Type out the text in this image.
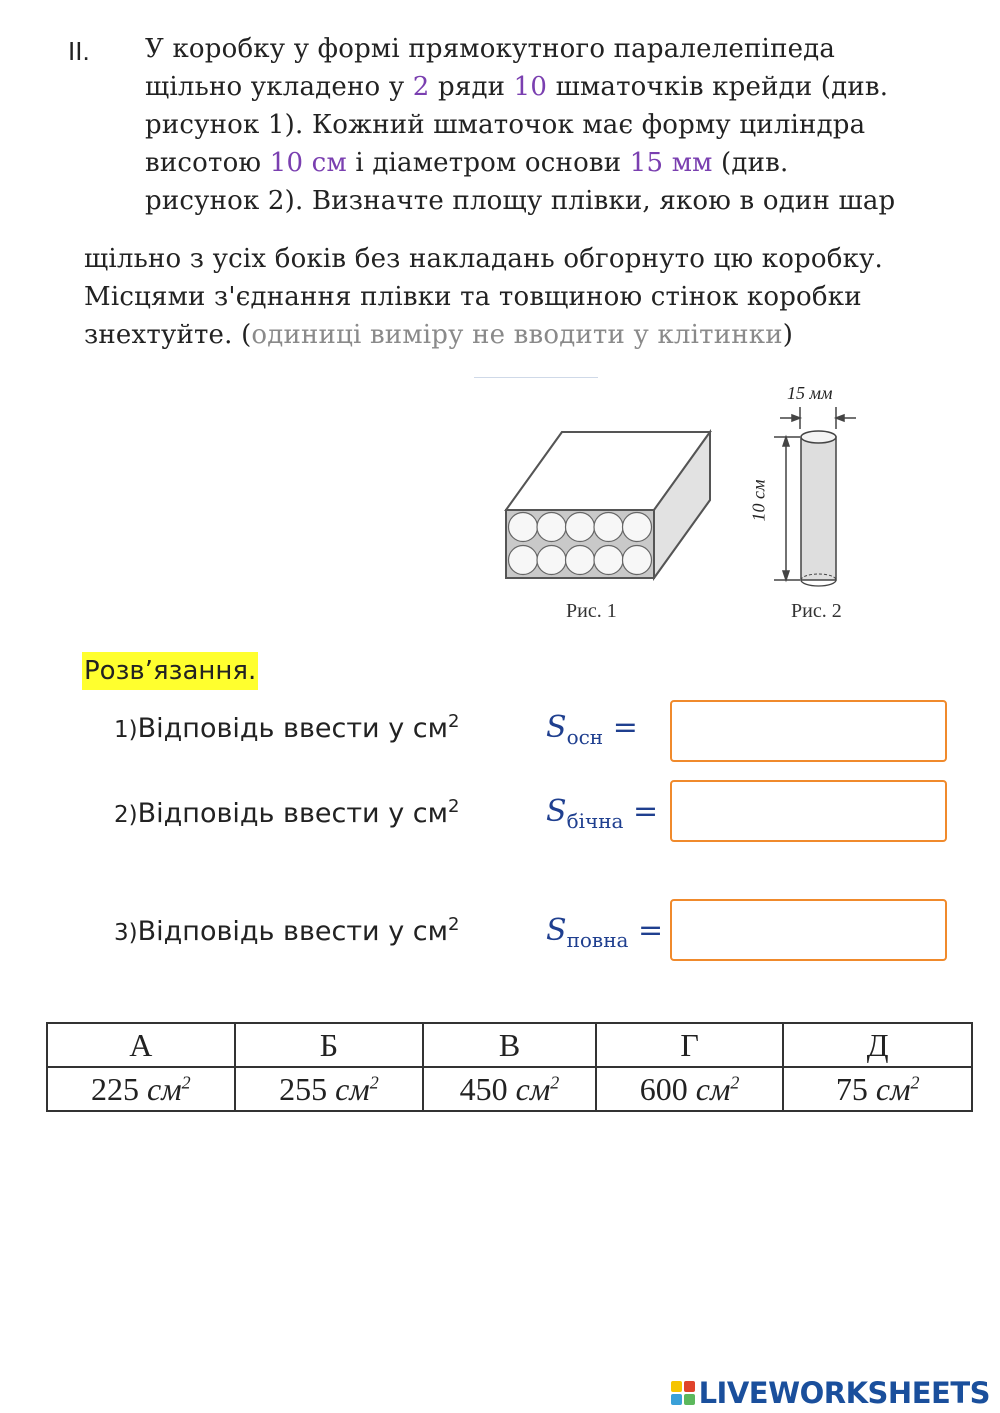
II. У коробку у формі прямокутного паралелепіпеда
щільно укладено у 2 ряди 10 шматочків крейди (див.
рисунок 1). Кожний шматочок має форму циліндра
висотою 10 см і діаметром основи 15 мм (див.
рисунок 2). Визначте площу плівки, якою в один шар
щільно з усіх боків без накладань обгорнуто цю коробку.
Місцями з'єднання плівки та товщиною стінок коробки
знехтуйте. (одиниці виміру не вводити у клітинки)
15 мм
10 см
Рис. 1	Рис. 2
Розв’язання.
1)Відповідь ввести у $см^2$	$S_{осн}$ =
2)Відповідь ввести у $см^2$	$S_{бічна}$ =
3)Відповідь ввести у $см^2$	$S_{повна}$ =
А	Б	В	Г	Д
225 $см^2$	255 $см^2$	450 $см^2$	600 $см^2$	75 $см^2$
LIVEWORKSHEETS
